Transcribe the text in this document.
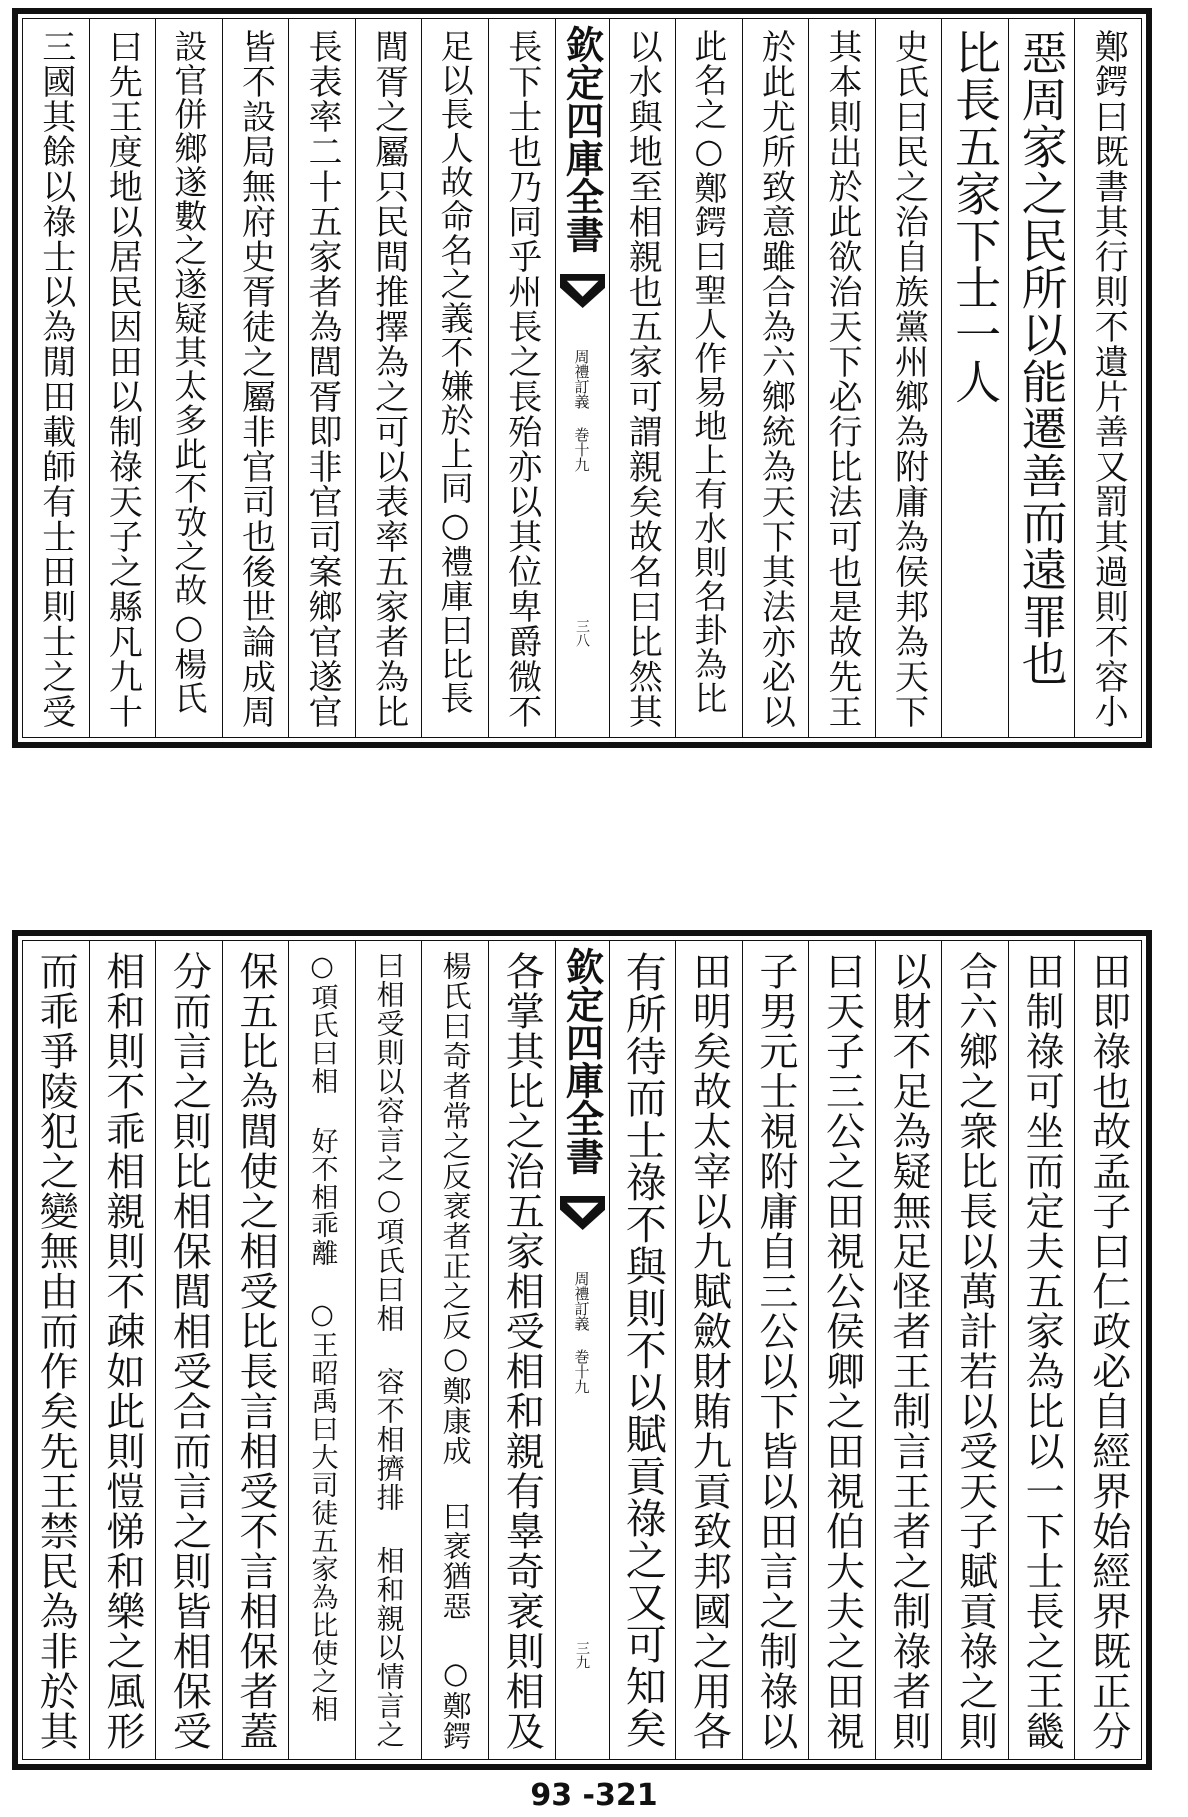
鄭鍔曰既書其行則不遺片善又罰其過則不容小
惡周家之民所以能遷善而遠罪也
比長五家下士一人
史氏曰民之治自族黨州鄉為附庸為侯邦為天下
其本則出於此欲治天下必行比法可也是故先王
於此尤所致意雖合為六鄉統為天下其法亦必以
此名之○鄭鍔曰聖人作易地上有水則名卦為比
以水與地至相親也五家可謂親矣故名曰比然其
欽定四庫全書
周禮訂義 巻十九
三八
長下士也乃同乎州長之長殆亦以其位卑爵微不
足以長人故命名之義不嫌於上同○禮庫曰比長
閭胥之屬只民間推擇為之可以表率五家者為比
長表率二十五家者為閭胥即非官司案鄉官遂官
皆不設局無府史胥徒之屬非官司也後世論成周
設官併鄉遂數之遂疑其太多此不攷之故○楊氏
曰先王度地以居民因田以制祿天子之縣凡九十
三國其餘以祿士以為閒田載師有士田則士之受
田即祿也故孟子曰仁政必自經界始經界既正分
田制祿可坐而定夫五家為比以一下士長之王畿
合六鄉之衆比長以萬計若以受天子賦貢祿之則
以財不足為疑無足怪者王制言王者之制祿者則
曰天子三公之田視公侯卿之田視伯大夫之田視
子男元士視附庸自三公以下皆以田言之制祿以
田明矣故太宰以九賦斂財賄九貢致邦國之用各
有所待而士祿不與則不以賦貢祿之又可知矣
欽定四庫全書
周禮訂義 巻十九
三九
各掌其比之治五家相受相和親有辠奇衺則相及
楊氏曰奇者常之反衺者正之反○鄭康成 曰衺猶惡 ○鄭鍔
曰相受則以容言之○項氏曰相 容不相擠排 相和親以情言之
○項氏曰相 好不相乖離 ○王昭禹曰大司徒五家為比使之相
保五比為閭使之相受比長言相受不言相保者蓋
分而言之則比相保閭相受合而言之則皆相保受
相和則不乖相親則不疎如此則愷悌和樂之風形
而乖爭陵犯之變無由而作矣先王禁民為非於其
93 -321
